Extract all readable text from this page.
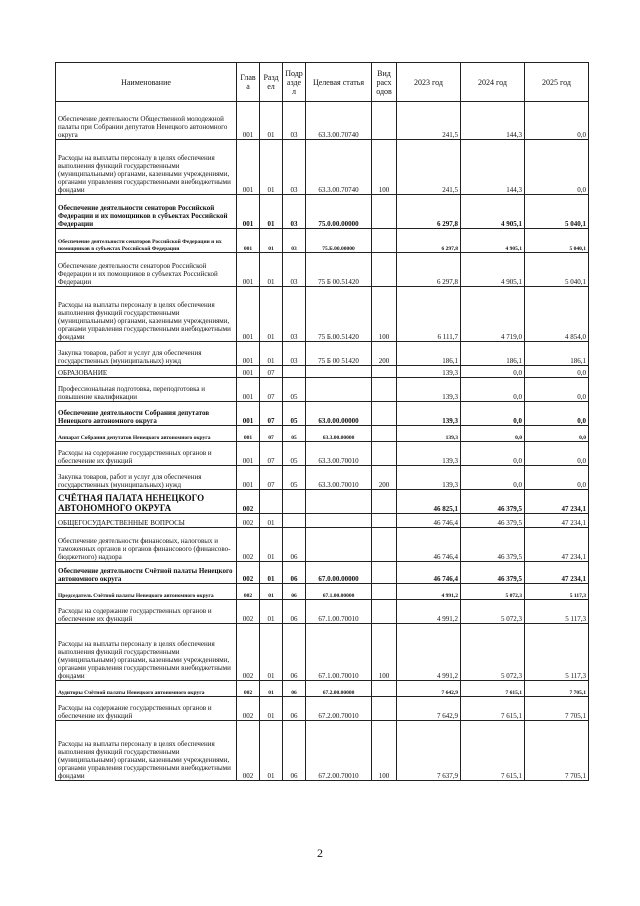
Наименование	Глав а	Разд ел	Подр азде л	Целевая статья	Вид расх одов	2023 год	2024 год	2025 год
Обеспечение деятельности Общественной молодежной палаты при Собрании депутатов Ненецкого автономного округа	001	01	03	63.3.00.70740		241,5	144,3	0,0
Расходы на выплаты персоналу в целях обеспечения выполнения функций государственными (муниципальными) органами, казенными учреждениями, органами управления государственными внебюджетными фондами	001	01	03	63.3.00.70740	100	241,5	144,3	0,0
Обеспечение деятельности сенаторов Российской Федерации и их помощников в субъектах Российской Федерации	001	01	03	75.0.00.00000		6 297,8	4 905,1	5 040,1
Обеспечение деятельности сенаторов Российской Федерации и их помощников в субъектах Российской Федерации	001	01	03	75.Б.00.00000		6 297,8	4 905,1	5 040,1
Обеспечение деятельности сенаторов Российской Федерации и их помощников в субъектах Российской Федерации	001	01	03	75 Б 00.51420		6 297,8	4 905,1	5 040,1
Расходы на выплаты персоналу в целях обеспечения выполнения функций государственными (муниципальными) органами, казенными учреждениями, органами управления государственными внебюджетными фондами	001	01	03	75 Б.00.51420	100	6 111,7	4 719,0	4 854,0
Закупка товаров, работ и услуг для обеспечения государственных (муниципальных) нужд	001	01	03	75 Б 00 51420	200	186,1	186,1	186,1
ОБРАЗОВАНИЕ	001	07				139,3	0,0	0,0
Профессиональная подготовка, переподготовка и повышение квалификации	001	07	05			139,3	0,0	0,0
Обеспечение деятельности Собрания депутатов Ненецкого автономного округа	001	07	05	63.0.00.00000		139,3	0,0	0,0
Аппарат Собрания депутатов Ненецкого автономного округа	001	07	05	63.3.00.00000		139,3	0,0	0,0
Расходы на содержание государственных органов и обеспечение их функций	001	07	05	63.3.00.70010		139,3	0,0	0,0
Закупка товаров, работ и услуг для обеспечения государственных (муниципальных) нужд	001	07	05	63.3.00.70010	200	139,3	0,0	0,0
СЧЁТНАЯ ПАЛАТА НЕНЕЦКОГО АВТОНОМНОГО ОКРУГА	002					46 825,1	46 379,5	47 234,1
ОБЩЕГОСУДАРСТВЕННЫЕ ВОПРОСЫ	002	01				46 746,4	46 379,5	47 234,1
Обеспечение деятельности финансовых, налоговых и таможенных органов и органов финансового (финансово-бюджетного) надзора	002	01	06			46 746,4	46 379,5	47 234,1
Обеспечение деятельности Счётной палаты Ненецкого автономного округа	002	01	06	67.0.00.00000		46 746,4	46 379,5	47 234,1
Председатель Счётной палаты Ненецкого автономного округа	002	01	06	67.1.00.00000		4 991,2	5 072,3	5 117,3
Расходы на содержание государственных органов и обеспечение их функций	002	01	06	67.1.00.70010		4 991,2	5 072,3	5 117,3
Расходы на выплаты персоналу в целях обеспечения выполнения функций государственными (муниципальными) органами, казенными учреждениями, органами управления государственными внебюджетными фондами	002	01	06	67.1.00.70010	100	4 991,2	5 072,3	5 117,3
Аудиторы Счётной палаты Ненецкого автономного округа	002	01	06	67.2.00.00000		7 642,9	7 615,1	7 705,1
Расходы на содержание государственных органов и обеспечение их функций	002	01	06	67.2.00.70010		7 642,9	7 615,1	7 705,1
Расходы на выплаты персоналу в целях обеспечения выполнения функций государственными (муниципальными) органами, казенными учреждениями, органами управления государственными внебюджетными фондами	002	01	06	67.2.00.70010	100	7 637,9	7 615,1	7 705,1
2
